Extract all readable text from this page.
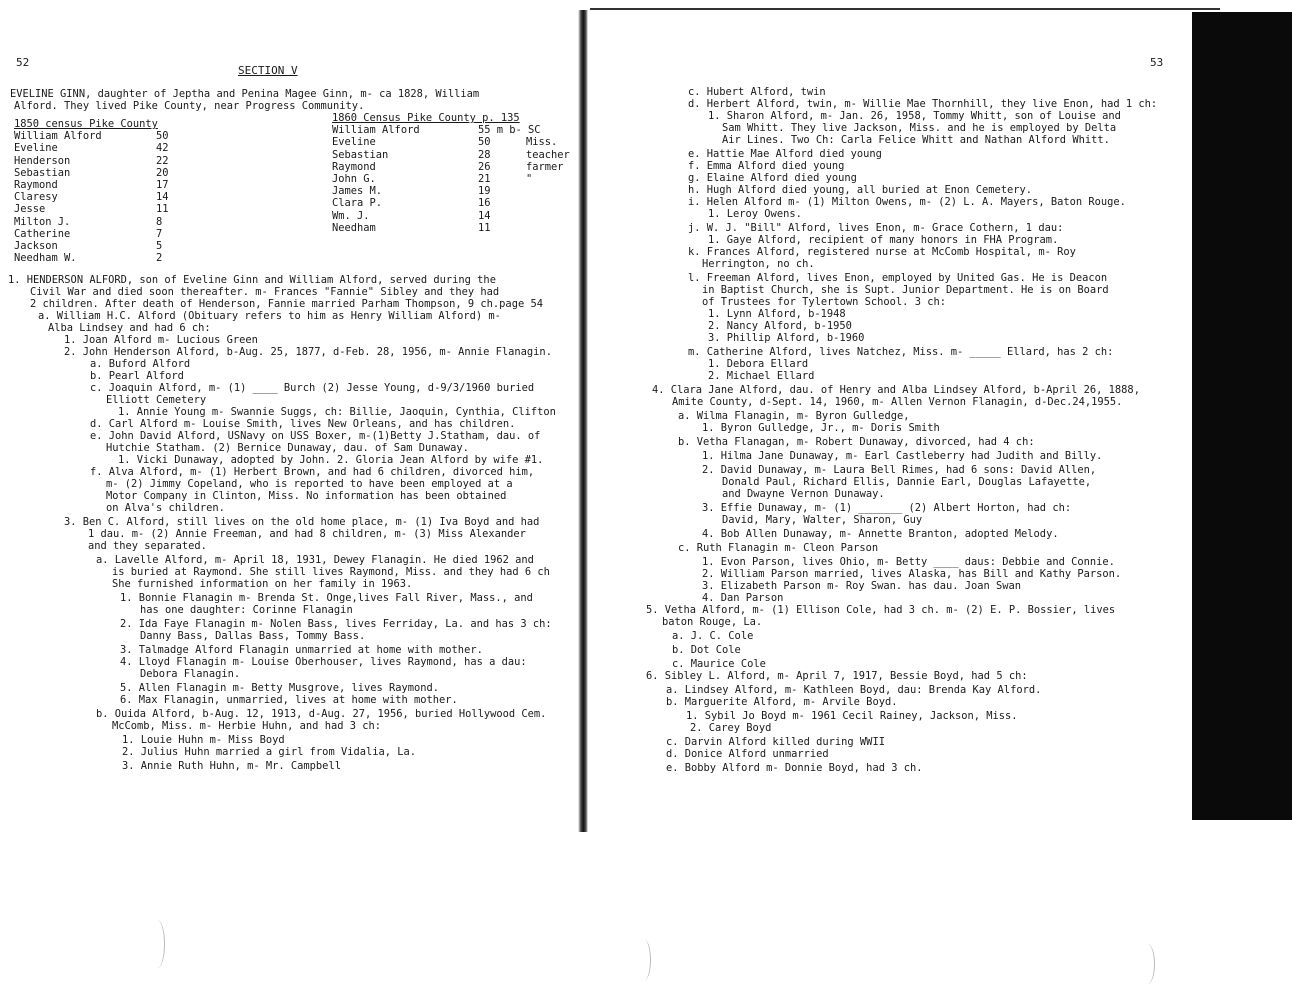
52
SECTION V
EVELINE GINN, daughter of Jeptha and Penina Magee Ginn, m- ca 1828, William
Alford. They lived Pike County, near Progress Community.
1850 census Pike County
William Alford	50
Eveline	42
Henderson	22
Sebastian	20
Raymond	17
Claresy	14
Jesse	11
Milton J.	8
Catherine	7
Jackson	5
Needham W.	2
1860 Census Pike County p. 135
William Alford	55 m b- SC
Eveline	50	Miss.
Sebastian	28	teacher
Raymond	26	farmer
John G.	21	"
James M.	19
Clara P.	16
Wm. J.	14
Needham	11
1. HENDERSON ALFORD, son of Eveline Ginn and William Alford, served during the
Civil War and died soon thereafter. m- Frances "Fannie" Sibley and they had
2 children. After death of Henderson, Fannie married Parham Thompson, 9 ch.page 54
a. William H.C. Alford (Obituary refers to him as Henry William Alford) m-
Alba Lindsey and had 6 ch:
1. Joan Alford m- Lucious Green
2. John Henderson Alford, b-Aug. 25, 1877, d-Feb. 28, 1956, m- Annie Flanagin.
a. Buford Alford
b. Pearl Alford
c. Joaquin Alford, m- (1) ____ Burch (2) Jesse Young, d-9/3/1960 buried
Elliott Cemetery
1. Annie Young m- Swannie Suggs, ch: Billie, Jaoquin, Cynthia, Clifton
d. Carl Alford m- Louise Smith, lives New Orleans, and has children.
e. John David Alford, USNavy on USS Boxer, m-(1)Betty J.Statham, dau. of
Hutchie Statham. (2) Bernice Dunaway, dau. of Sam Dunaway.
1. Vicki Dunaway, adopted by John. 2. Gloria Jean Alford by wife #1.
f. Alva Alford, m- (1) Herbert Brown, and had 6 children, divorced him,
m- (2) Jimmy Copeland, who is reported to have been employed at a
Motor Company in Clinton, Miss. No information has been obtained
on Alva's children.
3. Ben C. Alford, still lives on the old home place, m- (1) Iva Boyd and had
1 dau. m- (2) Annie Freeman, and had 8 children, m- (3) Miss Alexander
and they separated.
a. Lavelle Alford, m- April 18, 1931, Dewey Flanagin. He died 1962 and
is buried at Raymond. She still lives Raymond, Miss. and they had 6 ch
She furnished information on her family in 1963.
1. Bonnie Flanagin m- Brenda St. Onge,lives Fall River, Mass., and
has one daughter: Corinne Flanagin
2. Ida Faye Flanagin m- Nolen Bass, lives Ferriday, La. and has 3 ch:
Danny Bass, Dallas Bass, Tommy Bass.
3. Talmadge Alford Flanagin unmarried at home with mother.
4. Lloyd Flanagin m- Louise Oberhouser, lives Raymond, has a dau:
Debora Flanagin.
5. Allen Flanagin m- Betty Musgrove, lives Raymond.
6. Max Flanagin, unmarried, lives at home with mother.
b. Ouida Alford, b-Aug. 12, 1913, d-Aug. 27, 1956, buried Hollywood Cem.
McComb, Miss. m- Herbie Huhn, and had 3 ch:
1. Louie Huhn m- Miss Boyd
2. Julius Huhn married a girl from Vidalia, La.
3. Annie Ruth Huhn, m- Mr. Campbell
53
c. Hubert Alford, twin
d. Herbert Alford, twin, m- Willie Mae Thornhill, they live Enon, had 1 ch:
1. Sharon Alford, m- Jan. 26, 1958, Tommy Whitt, son of Louise and
Sam Whitt. They live Jackson, Miss. and he is employed by Delta
Air Lines. Two Ch: Carla Felice Whitt and Nathan Alford Whitt.
e. Hattie Mae Alford died young
f. Emma Alford died young
g. Elaine Alford died young
h. Hugh Alford died young, all buried at Enon Cemetery.
i. Helen Alford m- (1) Milton Owens, m- (2) L. A. Mayers, Baton Rouge.
1. Leroy Owens.
j. W. J. "Bill" Alford, lives Enon, m- Grace Cothern, 1 dau:
1. Gaye Alford, recipient of many honors in FHA Program.
k. Frances Alford, registered nurse at McComb Hospital, m- Roy
Herrington, no ch.
l. Freeman Alford, lives Enon, employed by United Gas. He is Deacon
in Baptist Church, she is Supt. Junior Department. He is on Board
of Trustees for Tylertown School. 3 ch:
1. Lynn Alford, b-1948
2. Nancy Alford, b-1950
3. Phillip Alford, b-1960
m. Catherine Alford, lives Natchez, Miss. m- _____ Ellard, has 2 ch:
1. Debora Ellard
2. Michael Ellard
4. Clara Jane Alford, dau. of Henry and Alba Lindsey Alford, b-April 26, 1888,
Amite County, d-Sept. 14, 1960, m- Allen Vernon Flanagin, d-Dec.24,1955.
a. Wilma Flanagin, m- Byron Gulledge,
1. Byron Gulledge, Jr., m- Doris Smith
b. Vetha Flanagan, m- Robert Dunaway, divorced, had 4 ch:
1. Hilma Jane Dunaway, m- Earl Castleberry had Judith and Billy.
2. David Dunaway, m- Laura Bell Rimes, had 6 sons: David Allen,
Donald Paul, Richard Ellis, Dannie Earl, Douglas Lafayette,
and Dwayne Vernon Dunaway.
3. Effie Dunaway, m- (1) _______ (2) Albert Horton, had ch:
David, Mary, Walter, Sharon, Guy
4. Bob Allen Dunaway, m- Annette Branton, adopted Melody.
c. Ruth Flanagin m- Cleon Parson
1. Evon Parson, lives Ohio, m- Betty ____ daus: Debbie and Connie.
2. William Parson married, lives Alaska, has Bill and Kathy Parson.
3. Elizabeth Parson m- Roy Swan. has dau. Joan Swan
4. Dan Parson
5. Vetha Alford, m- (1) Ellison Cole, had 3 ch. m- (2) E. P. Bossier, lives
baton Rouge, La.
a. J. C. Cole
b. Dot Cole
c. Maurice Cole
6. Sibley L. Alford, m- April 7, 1917, Bessie Boyd, had 5 ch:
a. Lindsey Alford, m- Kathleen Boyd, dau: Brenda Kay Alford.
b. Marguerite Alford, m- Arvile Boyd.
1. Sybil Jo Boyd m- 1961 Cecil Rainey, Jackson, Miss.
2. Carey Boyd
c. Darvin Alford killed during WWII
d. Donice Alford unmarried
e. Bobby Alford m- Donnie Boyd, had 3 ch.
